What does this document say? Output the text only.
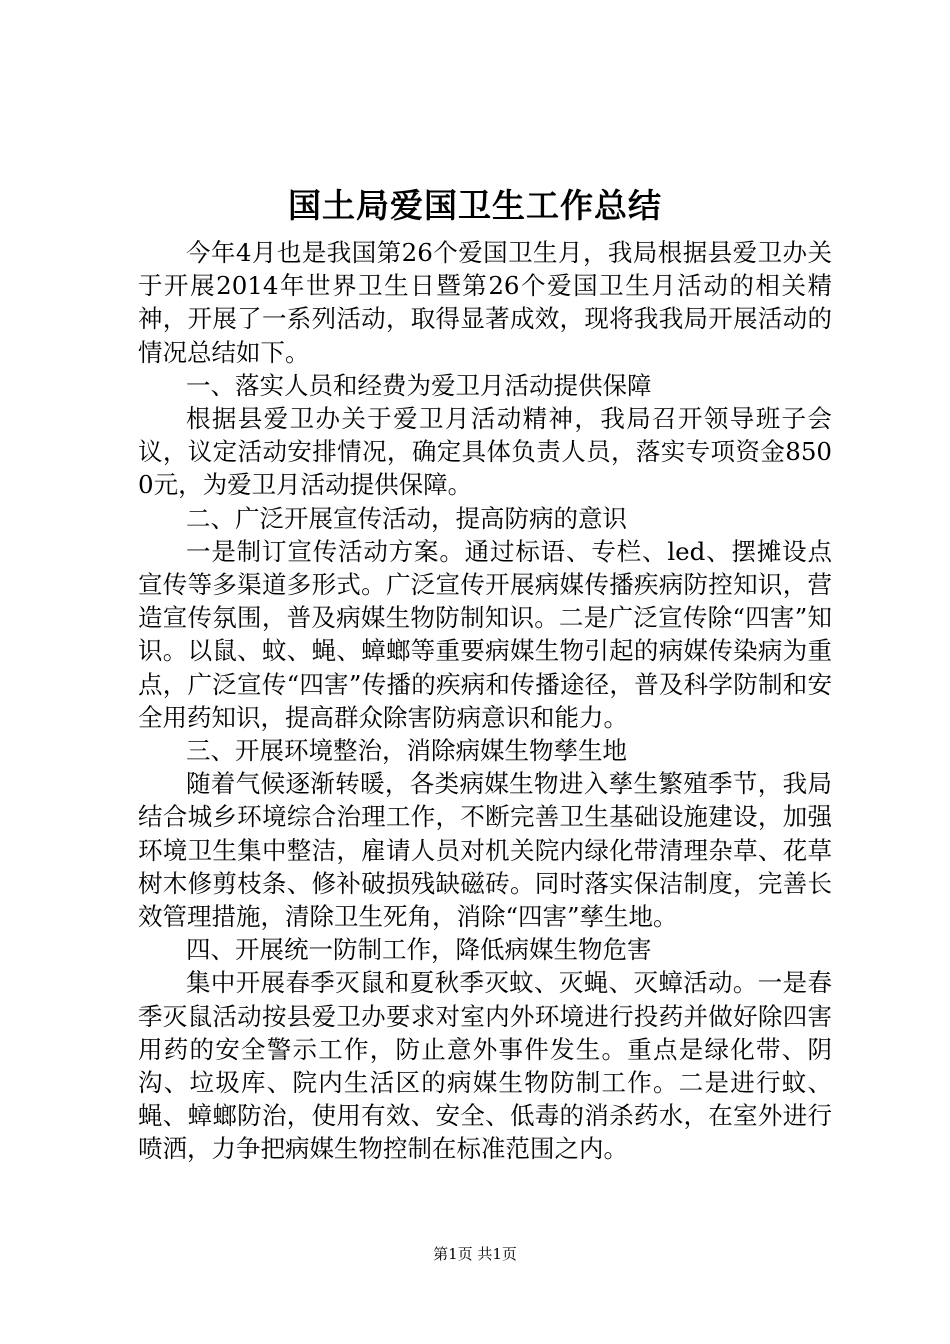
国土局爱国卫生工作总结

今年4月也是我国第26个爱国卫生月，我局根据县爱卫办关于开展2014年世界卫生日暨第26个爱国卫生月活动的相关精神，开展了一系列活动，取得显著成效，现将我我局开展活动的情况总结如下。

一、落实人员和经费为爱卫月活动提供保障

根据县爱卫办关于爱卫月活动精神，我局召开领导班子会议，议定活动安排情况，确定具体负责人员，落实专项资金8500元，为爱卫月活动提供保障。

二、广泛开展宣传活动，提高防病的意识

一是制订宣传活动方案。通过标语、专栏、led、摆摊设点宣传等多渠道多形式。广泛宣传开展病媒传播疾病防控知识，营造宣传氛围，普及病媒生物防制知识。二是广泛宣传除“四害”知识。以鼠、蚊、蝇、蟑螂等重要病媒生物引起的病媒传染病为重点，广泛宣传“四害”传播的疾病和传播途径，普及科学防制和安全用药知识，提高群众除害防病意识和能力。

三、开展环境整治，消除病媒生物孳生地

随着气候逐渐转暖，各类病媒生物进入孳生繁殖季节，我局结合城乡环境综合治理工作，不断完善卫生基础设施建设，加强环境卫生集中整洁，雇请人员对机关院内绿化带清理杂草、花草树木修剪枝条、修补破损残缺磁砖。同时落实保洁制度，完善长效管理措施，清除卫生死角，消除“四害”孳生地。

四、开展统一防制工作，降低病媒生物危害

集中开展春季灭鼠和夏秋季灭蚊、灭蝇、灭蟑活动。一是春季灭鼠活动按县爱卫办要求对室内外环境进行投药并做好除四害用药的安全警示工作，防止意外事件发生。重点是绿化带、阴沟、垃圾库、院内生活区的病媒生物防制工作。二是进行蚊、蝇、蟑螂防治，使用有效、安全、低毒的消杀药水，在室外进行喷洒，力争把病媒生物控制在标准范围之内。

第1页 共1页
